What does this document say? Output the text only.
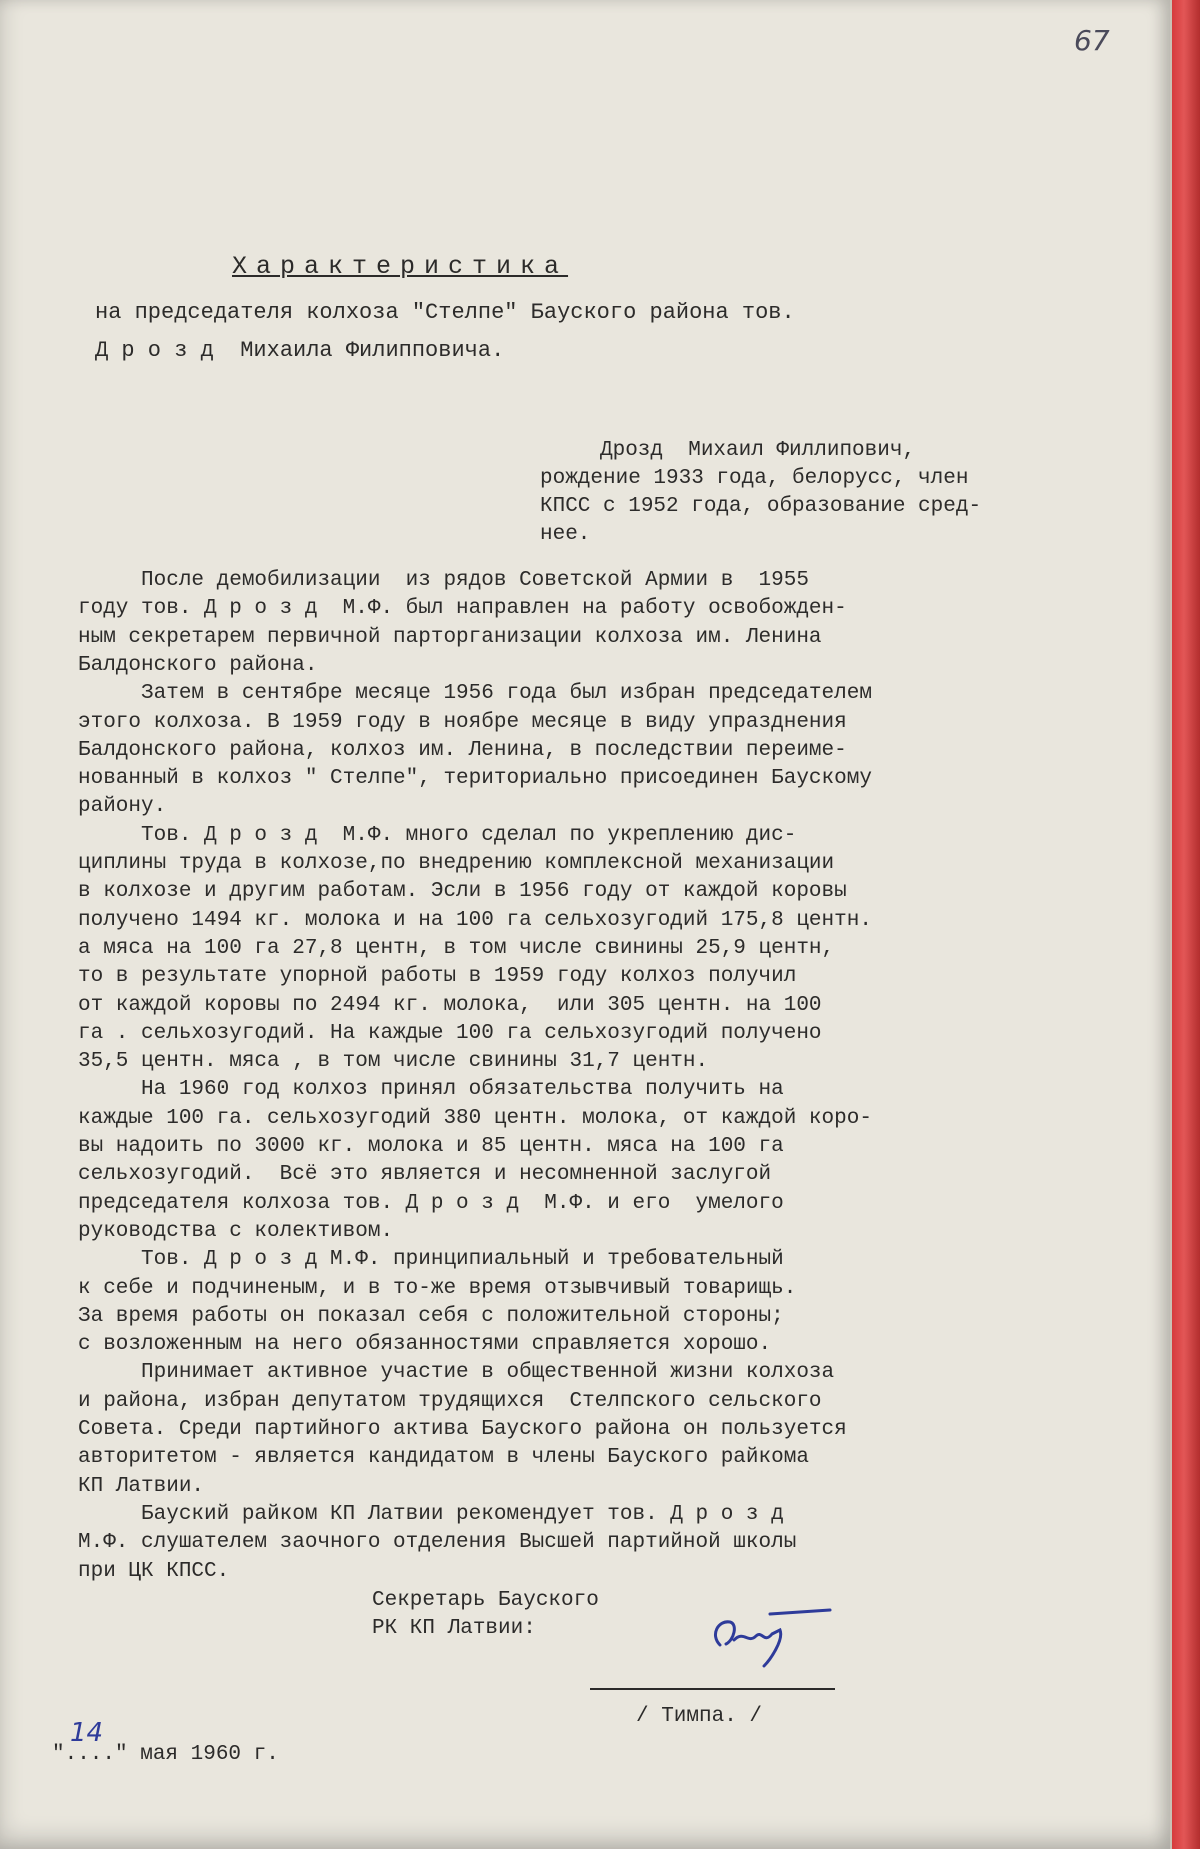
67
Характеристика
на председателя колхоза "Стелпе" Бауского района тов.
Д р о з д  Михаила Филипповича.
Дрозд  Михаил Филлипович,
рождение 1933 года, белорусс, член
КПСС с 1952 года, образование сред-
нее.
После демобилизации  из рядов Советской Армии в  1955
году тов. Д р о з д  М.Ф. был направлен на работу освобожден-
ным секретарем первичной парторганизации колхоза им. Ленина
Балдонского района.
Затем в сентябре месяце 1956 года был избран председателем
этого колхоза. В 1959 году в ноябре месяце в виду упразднения
Балдонского района, колхоз им. Ленина, в последствии переиме-
нованный в колхоз " Стелпе", териториально присоединен Баускому
району.
Тов. Д р о з д  М.Ф. много сделал по укреплению дис-
циплины труда в колхозе,по внедрению комплексной механизации
в колхозе и другим работам. Эсли в 1956 году от каждой коровы
получено 1494 кг. молока и на 100 га сельхозугодий 175,8 центн.
а мяса на 100 га 27,8 центн, в том числе свинины 25,9 центн,
то в результате упорной работы в 1959 году колхоз получил
от каждой коровы по 2494 кг. молока,  или 305 центн. на 100
га . сельхозугодий. На каждые 100 га сельхозугодий получено
35,5 центн. мяса , в том числе свинины 31,7 центн.
На 1960 год колхоз принял обязательства получить на
каждые 100 га. сельхозугодий 380 центн. молока, от каждой коро-
вы надоить по 3000 кг. молока и 85 центн. мяса на 100 га
сельхозугодий.  Всё это является и несомненной заслугой
председателя колхоза тов. Д р о з д  М.Ф. и его  умелого
руководства с колективом.
Тов. Д р о з д М.Ф. принципиальный и требовательный
к себе и подчиненым, и в то-же время отзывчивый товарищь.
За время работы он показал себя с положительной стороны;
с возложенным на него обязанностями справляется хорошо.
Принимает активное участие в общественной жизни колхоза
и района, избран депутатом трудящихся  Стелпского сельского
Совета. Среди партийного актива Бауского района он пользуется
авторитетом - является кандидатом в члены Бауского райкома
КП Латвии.
Бауский райком КП Латвии рекомендует тов. Д р о з д
М.Ф. слушателем заочного отделения Высшей партийной школы
при ЦК КПСС.
Секретарь Бауского
РК КП Латвии:
/ Тимпа. /
14
"...." мая 1960 г.
